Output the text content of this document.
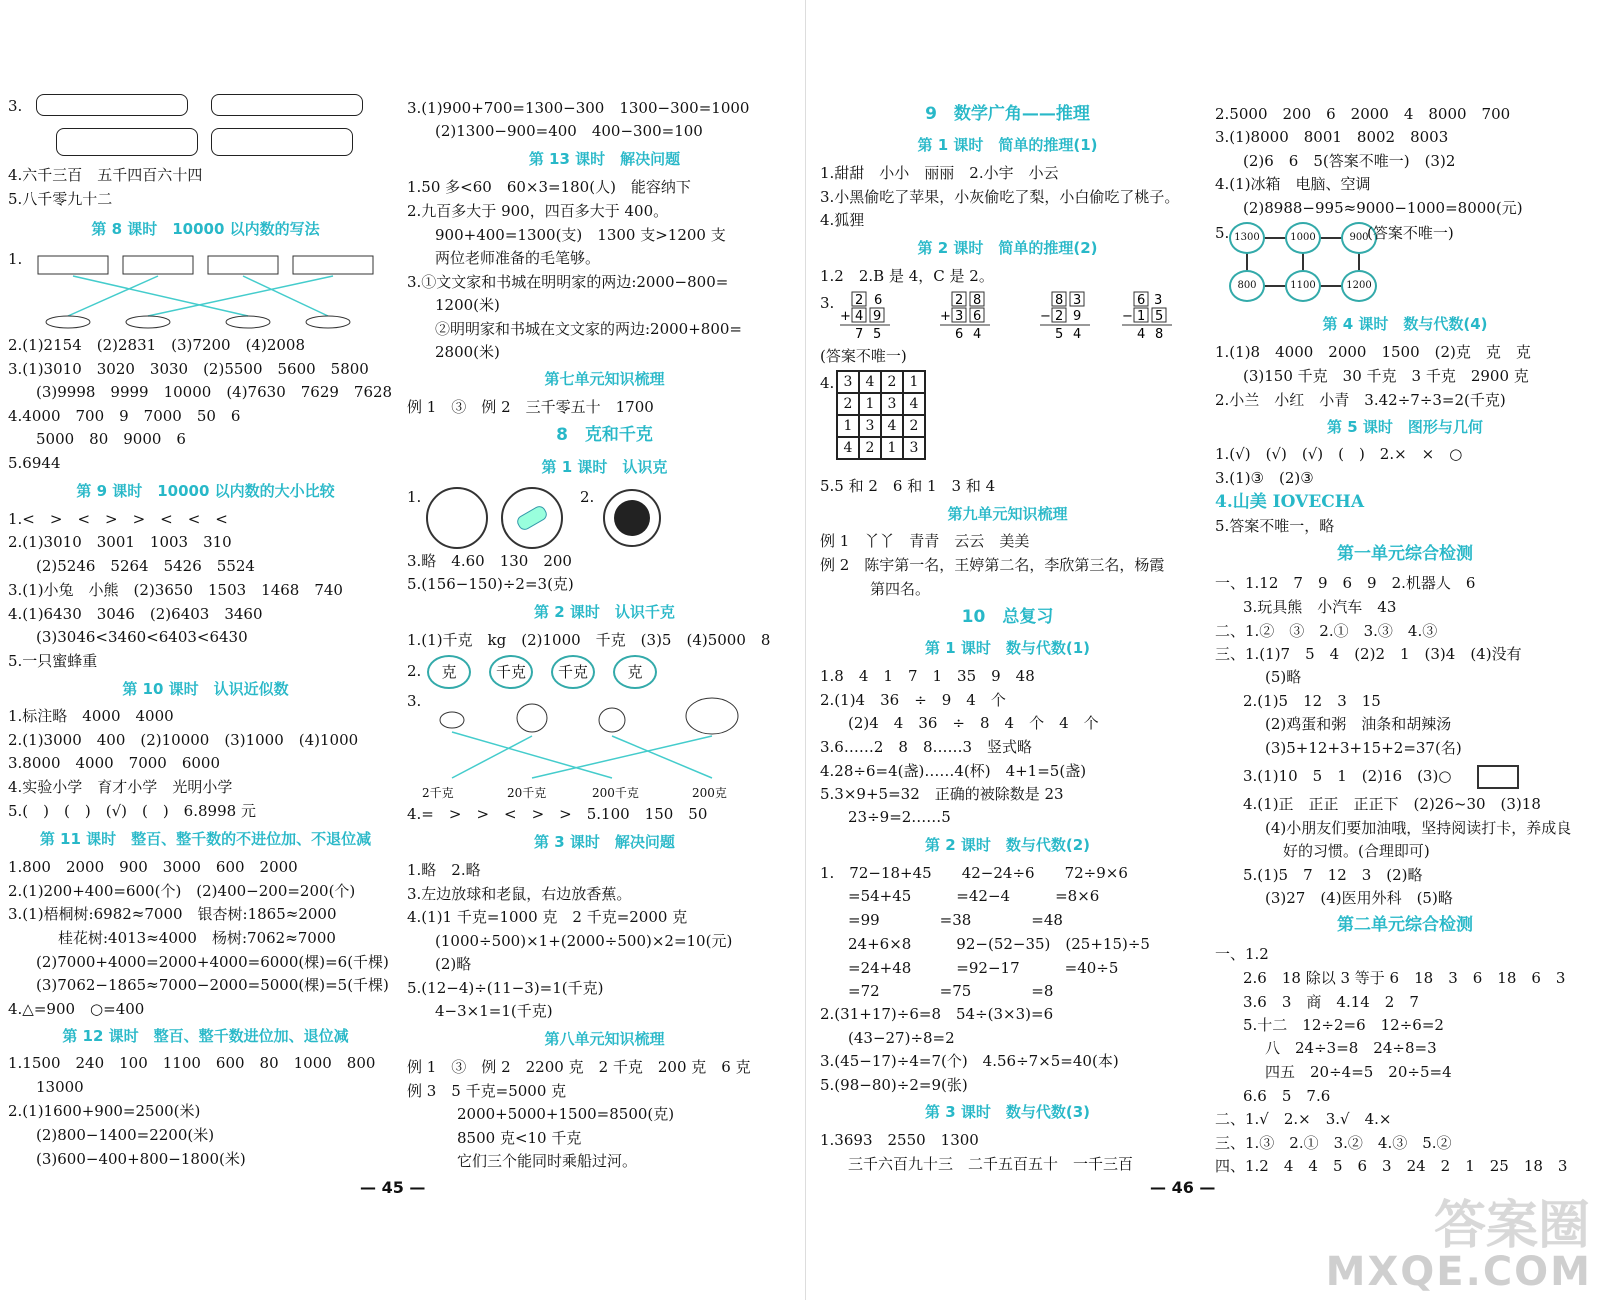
3.
4.六千三百　五千四百六十四
5.八千零九十二
第 8 课时　10000 以内数的写法
1.
2.(1)2154　(2)2831　(3)7200　(4)2008
3.(1)3010　3020　3030　(2)5500　5600　5800
(3)9998　9999　10000　(4)7630　7629　7628
4.4000　700　9　7000　50　6
5000　80　9000　6
5.6944
第 9 课时　10000 以内数的大小比较
1.<　>　<　>　>　<　<　<
2.(1)3010　3001　1003　310
(2)5246　5264　5426　5524
3.(1)小兔　小熊　(2)3650　1503　1468　740
4.(1)6430　3046　(2)6403　3460
(3)3046<3460<6403<6430
5.一只蜜蜂重
第 10 课时　认识近似数
1.标注略　4000　4000
2.(1)3000　400　(2)10000　(3)1000　(4)1000
3.8000　4000　7000　6000
4.实验小学　育才小学　光明小学
5.(　)　(　)　(√)　(　)　6.8998 元
第 11 课时　整百、整千数的不进位加、不退位减
1.800　2000　900　3000　600　2000
2.(1)200+400=600(个)　(2)400−200=200(个)
3.(1)梧桐树:6982≈7000　银杏树:1865≈2000
桂花树:4013≈4000　杨树:7062≈7000
(2)7000+4000=2000+4000=6000(棵)=6(千棵)
(3)7062−1865≈7000−2000=5000(棵)=5(千棵)
4.△=900　○=400
第 12 课时　整百、整千数进位加、退位减
1.1500　240　100　1100　600　80　1000　800
13000
2.(1)1600+900=2500(米)
(2)800−1400=2200(米)
(3)600−400+800−1800(米)
— 45 —
3.(1)900+700=1300−300　1300−300=1000
(2)1300−900=400　400−300=100
第 13 课时　解决问题
1.50 多<60　60×3=180(人)　能容纳下
2.九百多大于 900，四百多大于 400。
900+400=1300(支)　1300 支>1200 支
两位老师准备的毛笔够。
3.①文文家和书城在明明家的两边:2000−800=
1200(米)
②明明家和书城在文文家的两边:2000+800=
2800(米)
第七单元知识梳理
例 1　③　例 2　三千零五十　1700
8　克和千克
第 1 课时　认识克
1.	2.
3.略　4.60　130　200
5.(156−150)÷2=3(克)
第 2 课时　认识千克
1.(1)千克　kg　(2)1000　千克　(3)5　(4)5000　8
2.	克	千克	千克	克
3.
2千克	20千克	200千克	200克
4.=　>　>　<　>　>　5.100　150　50
第 3 课时　解决问题
1.略　2.略
3.左边放球和老鼠，右边放香蕉。
4.(1)1 千克=1000 克　2 千克=2000 克
(1000÷500)×1+(2000÷500)×2=10(元)
(2)略
5.(12−4)÷(11−3)=1(千克)
4−3×1=1(千克)
第八单元知识梳理
例 1　③　例 2　2200 克　2 千克　200 克　6 克
例 3　5 千克=5000 克
2000+5000+1500=8500(克)
8500 克<10 千克
它们三个能同时乘船过河。
9　数学广角——推理
第 1 课时　简单的推理(1)
1.甜甜　小小　丽丽　2.小宇　小云
3.小黑偷吃了苹果，小灰偷吃了梨，小白偷吃了桃子。
4.狐狸
第 2 课时　简单的推理(2)
1.2　2.B 是 4，C 是 2。
3. 2 6
+ 4 9
7 5
2 8
+ 3 6
6 4
8 3
− 2 9
5 4
6 3
− 1 5
4 8
(答案不唯一)
4. 3	4	2	1
2	1	3	4
1	3	4	2
4	2	1	3
5.5 和 2　6 和 1　3 和 4
第九单元知识梳理
例 1　丫丫　青青　云云　美美
例 2　陈宇第一名，王婷第二名，李欣第三名，杨霞
第四名。
10　总复习
第 1 课时　数与代数(1)
1.8　4　1　7　1　35　9　48
2.(1)4　36　÷　9　4　个
(2)4　4　36　÷　8　4　个　4　个
3.6……2　8　8……3　竖式略
4.28÷6=4(盏)……4(杯)　4+1=5(盏)
5.3×9+5=32　正确的被除数是 23
23÷9=2……5
第 2 课时　数与代数(2)
1.　72−18+45　　42−24÷6　　72÷9×6
=54+45　　　=42−4　　　=8×6
=99　　　　=38　　　　=48
24+6×8　　　92−(52−35)　(25+15)÷5
=24+48　　　=92−17　　　=40÷5
=72　　　　=75　　　　=8
2.(31+17)÷6=8　54÷(3×3)=6
(43−27)÷8=2
3.(45−17)÷4=7(个)　4.56÷7×5=40(本)
5.(98−80)÷2=9(张)
第 3 课时　数与代数(3)
1.3693　2550　1300
三千六百九十三　二千五百五十　一千三百
— 46 —
2.5000　200　6　2000　4　8000　700
3.(1)8000　8001　8002　8003
(2)6　6　5(答案不唯一)　(3)2
4.(1)冰箱　电脑、空调
(2)8988−995≈9000−1000=8000(元)
5. 1300	1000	900
800	1100	1200
(答案不唯一)
第 4 课时　数与代数(4)
1.(1)8　4000　2000　1500　(2)克　克　克
(3)150 千克　30 千克　3 千克　2900 克
2.小兰　小红　小青　3.42÷7÷3=2(千克)
第 5 课时　图形与几何
1.(√)　(√)　(√)　(　)　2.×　×　○
3.(1)③　(2)③
4.山美 IOVECHA
5.答案不唯一，略
第一单元综合检测
一、1.12　7　9　6　9　2.机器人　6
3.玩具熊　小汽车　43
二、1.②　③　2.①　3.③　4.③
三、1.(1)7　5　4　(2)2　1　(3)4　(4)没有
(5)略
2.(1)5　12　3　15
(2)鸡蛋和粥　油条和胡辣汤
(3)5+12+3+15+2=37(名)
3.(1)10　5　1　(2)16　(3)○
4.(1)正　正正　正正下　(2)26~30　(3)18
(4)小朋友们要加油哦，坚持阅读打卡，养成良
好的习惯。(合理即可)
5.(1)5　7　12　3　(2)略
(3)27　(4)医用外科　(5)略
第二单元综合检测
一、1.2
2.6　18 除以 3 等于 6　18　3　6　18　6　3
3.6　3　商　4.14　2　7
5.十二　12÷2=6　12÷6=2
八　24÷3=8　24÷8=3
四五　20÷4=5　20÷5=4
6.6　5　7.6
二、1.√　2.×　3.√　4.×
三、1.③　2.①　3.②　4.③　5.②
四、1.2　4　4　5　6　3　24　2　1　25　18　3
答案圈
MXQE.COM
